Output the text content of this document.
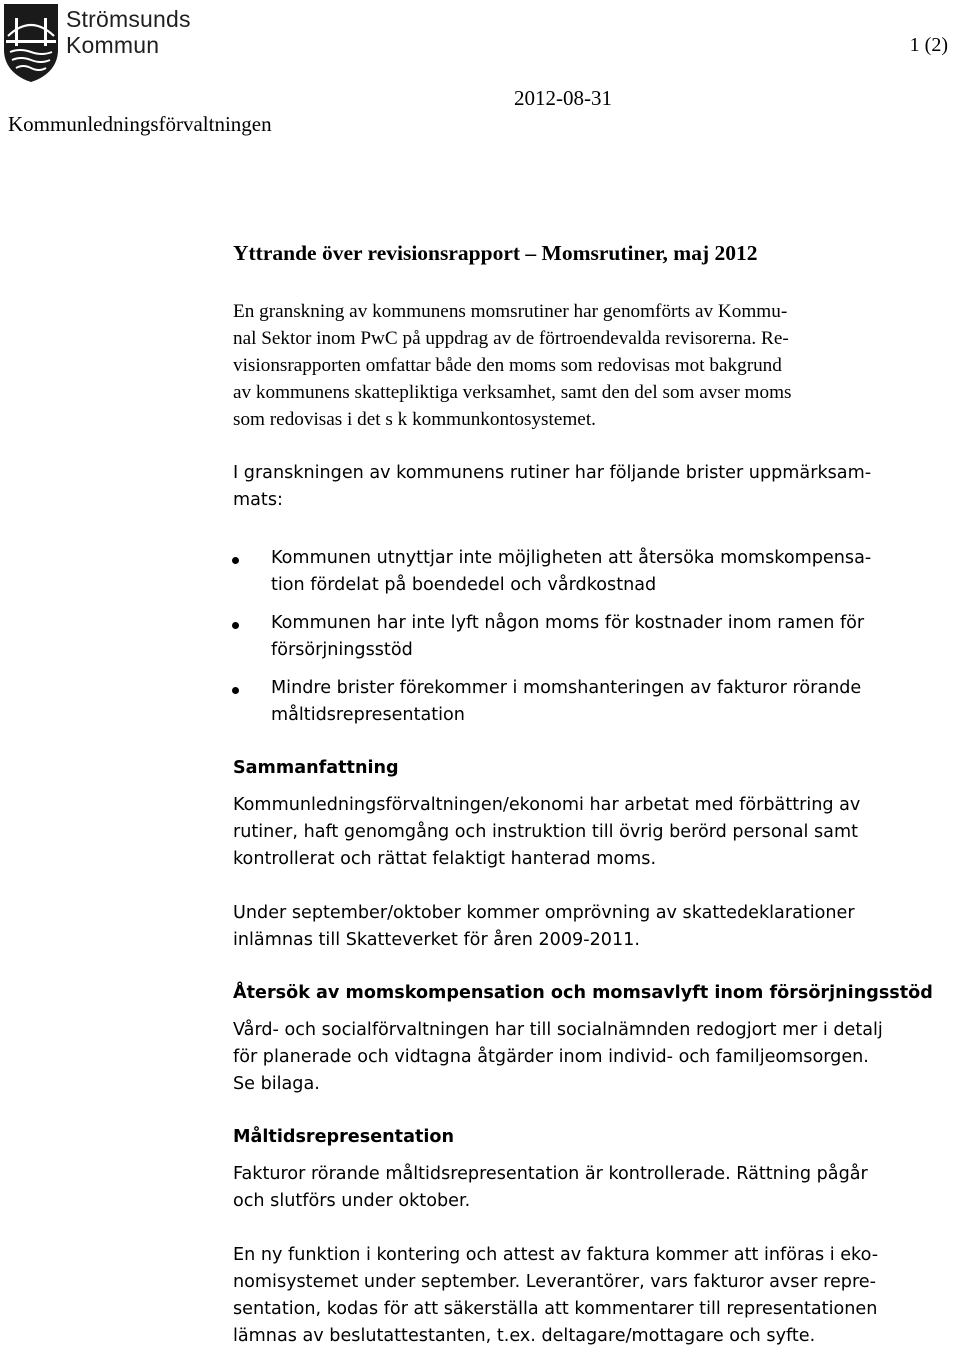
Strömsunds
Kommun	1 (2)
Kommunledningsförvaltningen
2012-08-31
Yttrande över revisionsrapport – Momsrutiner, maj 2012
En granskning av kommunens momsrutiner har genomförts av Kommu-
nal Sektor inom PwC på uppdrag av de förtroendevalda revisorerna. Re-
visionsrapporten omfattar både den moms som redovisas mot bakgrund
av kommunens skattepliktiga verksamhet, samt den del som avser moms
som redovisas i det s k kommunkontosystemet.
I granskningen av kommunens rutiner har följande brister uppmärksam-
mats:
Kommunen utnyttjar inte möjligheten att återsöka momskompensa-
tion fördelat på boendedel och vårdkostnad
Kommunen har inte lyft någon moms för kostnader inom ramen för
försörjningsstöd
Mindre brister förekommer i momshanteringen av fakturor rörande
måltidsrepresentation
Sammanfattning
Kommunledningsförvaltningen/ekonomi har arbetat med förbättring av
rutiner, haft genomgång och instruktion till övrig berörd personal samt
kontrollerat och rättat felaktigt hanterad moms.
Under september/oktober kommer omprövning av skattedeklarationer
inlämnas till Skatteverket för åren 2009-2011.
Återsök av momskompensation och momsavlyft inom försörjningsstöd
Vård- och socialförvaltningen har till socialnämnden redogjort mer i detalj
för planerade och vidtagna åtgärder inom individ- och familjeomsorgen.
Se bilaga.
Måltidsrepresentation
Fakturor rörande måltidsrepresentation är kontrollerade. Rättning pågår
och slutförs under oktober.
En ny funktion i kontering och attest av faktura kommer att införas i eko-
nomisystemet under september. Leverantörer, vars fakturor avser repre-
sentation, kodas för att säkerställa att kommentarer till representationen
lämnas av beslutattestanten, t.ex. deltagare/mottagare och syfte.
